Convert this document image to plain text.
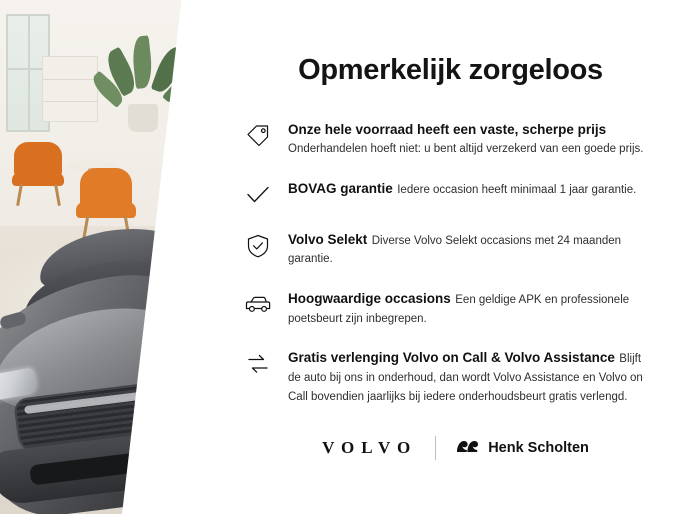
Opmerkelijk zorgeloos
Onze hele voorraad heeft een vaste, scherpe prijs Onderhandelen hoeft niet: u bent altijd verzekerd van een goede prijs.
BOVAG garantie Iedere occasion heeft minimaal 1 jaar garantie.
Volvo Selekt Diverse Volvo Selekt occasions met 24 maanden garantie.
Hoogwaardige occasions Een geldige APK en professionele poetsbeurt zijn inbegrepen.
Gratis verlenging Volvo on Call & Volvo Assistance Blijft de auto bij ons in onderhoud, dan wordt Volvo Assistance en Volvo on Call bovendien jaarlijks bij iedere onderhoudsbeurt gratis verlengd.
VOLVO	Henk Scholten
